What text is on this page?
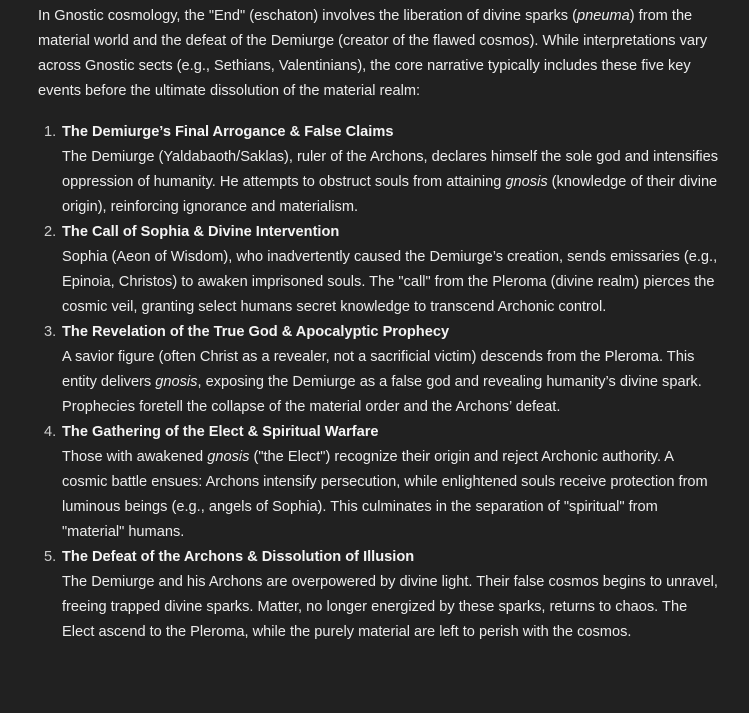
In Gnostic cosmology, the "End" (eschaton) involves the liberation of divine sparks (pneuma) from the material world and the defeat of the Demiurge (creator of the flawed cosmos). While interpretations vary across Gnostic sects (e.g., Sethians, Valentinians), the core narrative typically includes these five key events before the ultimate dissolution of the material realm:

1. The Demiurge’s Final Arrogance & False Claims
The Demiurge (Yaldabaoth/Saklas), ruler of the Archons, declares himself the sole god and intensifies oppression of humanity. He attempts to obstruct souls from attaining gnosis (knowledge of their divine origin), reinforcing ignorance and materialism.
2. The Call of Sophia & Divine Intervention
Sophia (Aeon of Wisdom), who inadvertently caused the Demiurge’s creation, sends emissaries (e.g., Epinoia, Christos) to awaken imprisoned souls. The "call" from the Pleroma (divine realm) pierces the cosmic veil, granting select humans secret knowledge to transcend Archonic control.
3. The Revelation of the True God & Apocalyptic Prophecy
A savior figure (often Christ as a revealer, not a sacrificial victim) descends from the Pleroma. This entity delivers gnosis, exposing the Demiurge as a false god and revealing humanity’s divine spark. Prophecies foretell the collapse of the material order and the Archons’ defeat.
4. The Gathering of the Elect & Spiritual Warfare
Those with awakened gnosis ("the Elect") recognize their origin and reject Archonic authority. A cosmic battle ensues: Archons intensify persecution, while enlightened souls receive protection from luminous beings (e.g., angels of Sophia). This culminates in the separation of "spiritual" from "material" humans.
5. The Defeat of the Archons & Dissolution of Illusion
The Demiurge and his Archons are overpowered by divine light. Their false cosmos begins to unravel, freeing trapped divine sparks. Matter, no longer energized by these sparks, returns to chaos. The Elect ascend to the Pleroma, while the purely material are left to perish with the cosmos.
